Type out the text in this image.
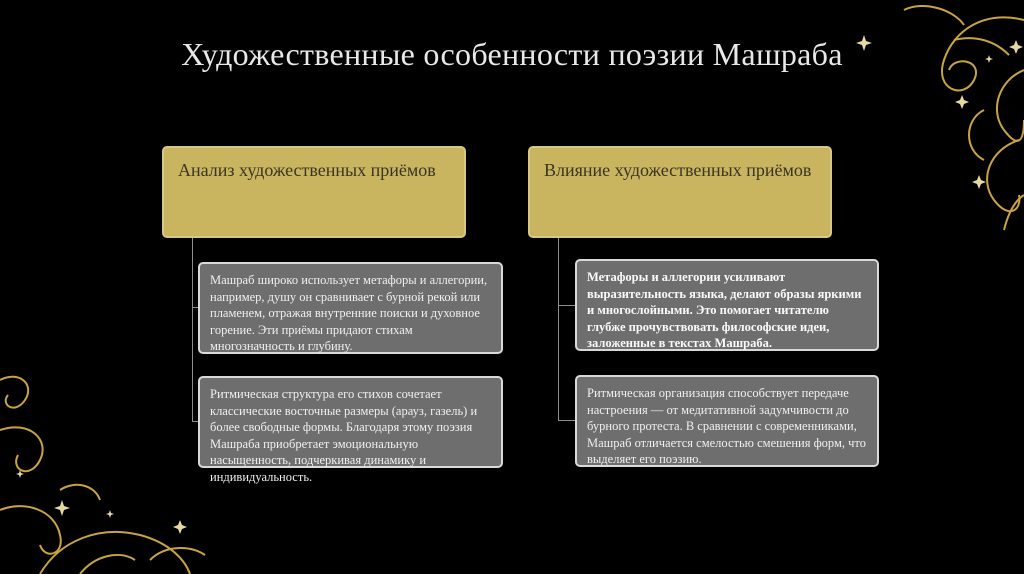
Художественные особенности поэзии Машраба
Анализ художественных приёмов
Машраб широко использует метафоры и аллегории, например, душу он сравнивает с бурной рекой или пламенем, отражая внутренние поиски и духовное горение. Эти приёмы придают стихам многозначность и глубину.
Ритмическая структура его стихов сочетает классические восточные размеры (арауз, газель) и более свободные формы. Благодаря этому поэзия Машраба приобретает эмоциональную насыщенность, подчеркивая динамику и индивидуальность.
Влияние художественных приёмов
Метафоры и аллегории усиливают выразительность языка, делают образы яркими и многослойными. Это помогает читателю глубже прочувствовать философские идеи, заложенные в текстах Машраба.
Ритмическая организация способствует передаче настроения — от медитативной задумчивости до бурного протеста. В сравнении с современниками, Машраб отличается смелостью смешения форм, что выделяет его поэзию.
